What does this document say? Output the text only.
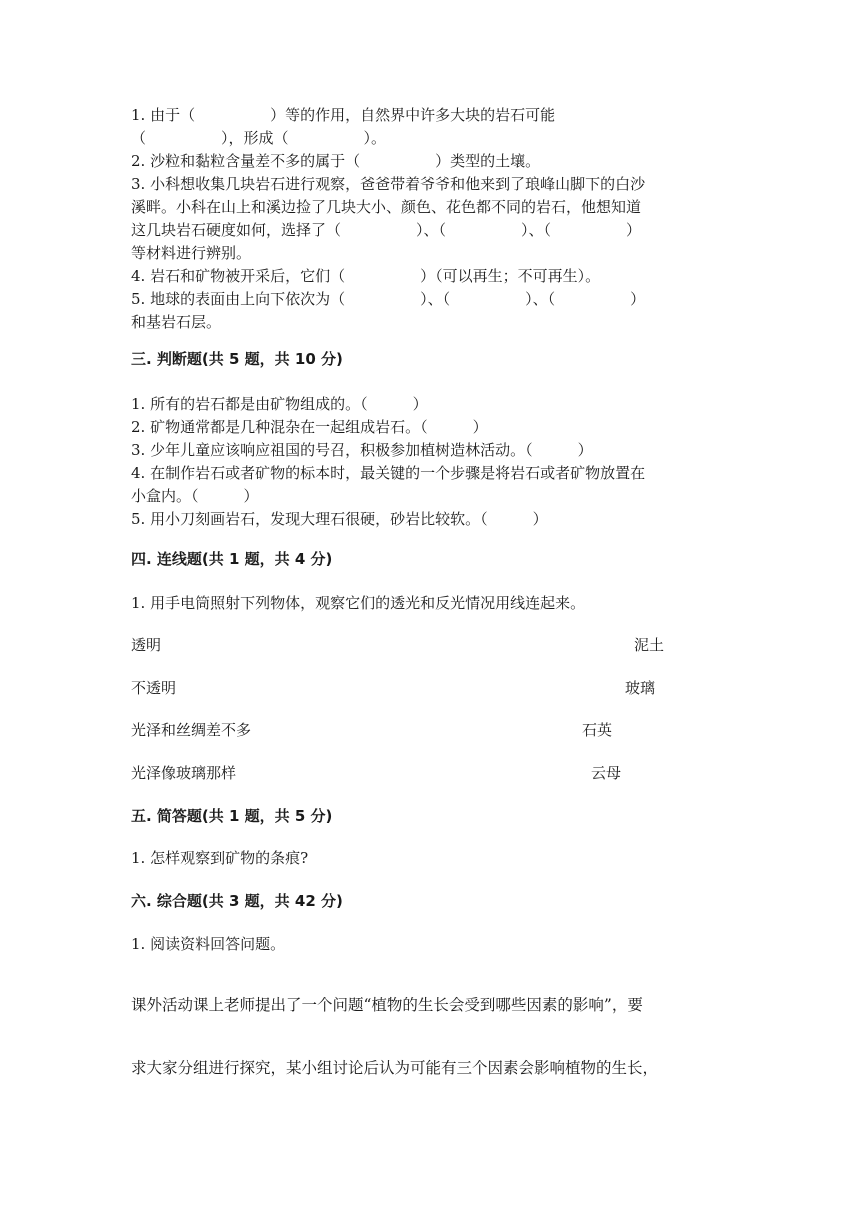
1. 由于（　　　　　）等的作用，自然界中许多大块的岩石可能
（　　　　　），形成（　　　　　）。
2. 沙粒和黏粒含量差不多的属于（　　　　　）类型的土壤。
3. 小科想收集几块岩石进行观察，爸爸带着爷爷和他来到了琅峰山脚下的白沙
溪畔。小科在山上和溪边捡了几块大小、颜色、花色都不同的岩石，他想知道
这几块岩石硬度如何，选择了（　　　　　）、（　　　　　）、（　　　　　）
等材料进行辨别。
4. 岩石和矿物被开采后，它们（　　　　　）（可以再生；不可再生）。
5. 地球的表面由上向下依次为（　　　　　）、（　　　　　）、（　　　　　）
和基岩石层。
三. 判断题(共 5 题，共 10 分)
1. 所有的岩石都是由矿物组成的。（　　　）
2. 矿物通常都是几种混杂在一起组成岩石。（　　　）
3. 少年儿童应该响应祖国的号召，积极参加植树造林活动。（　　　）
4. 在制作岩石或者矿物的标本时，最关键的一个步骤是将岩石或者矿物放置在
小盒内。（　　　）
5. 用小刀刻画岩石，发现大理石很硬，砂岩比较软。（　　　）
四. 连线题(共 1 题，共 4 分)
1. 用手电筒照射下列物体，观察它们的透光和反光情况用线连起来。
透明
不透明
光泽和丝绸差不多
光泽像玻璃那样
泥土
玻璃
石英
云母
五. 简答题(共 1 题，共 5 分)
1. 怎样观察到矿物的条痕?
六. 综合题(共 3 题，共 42 分)
1. 阅读资料回答问题。
课外活动课上老师提出了一个问题“植物的生长会受到哪些因素的影响”，要
求大家分组进行探究，某小组讨论后认为可能有三个因素会影响植物的生长，
